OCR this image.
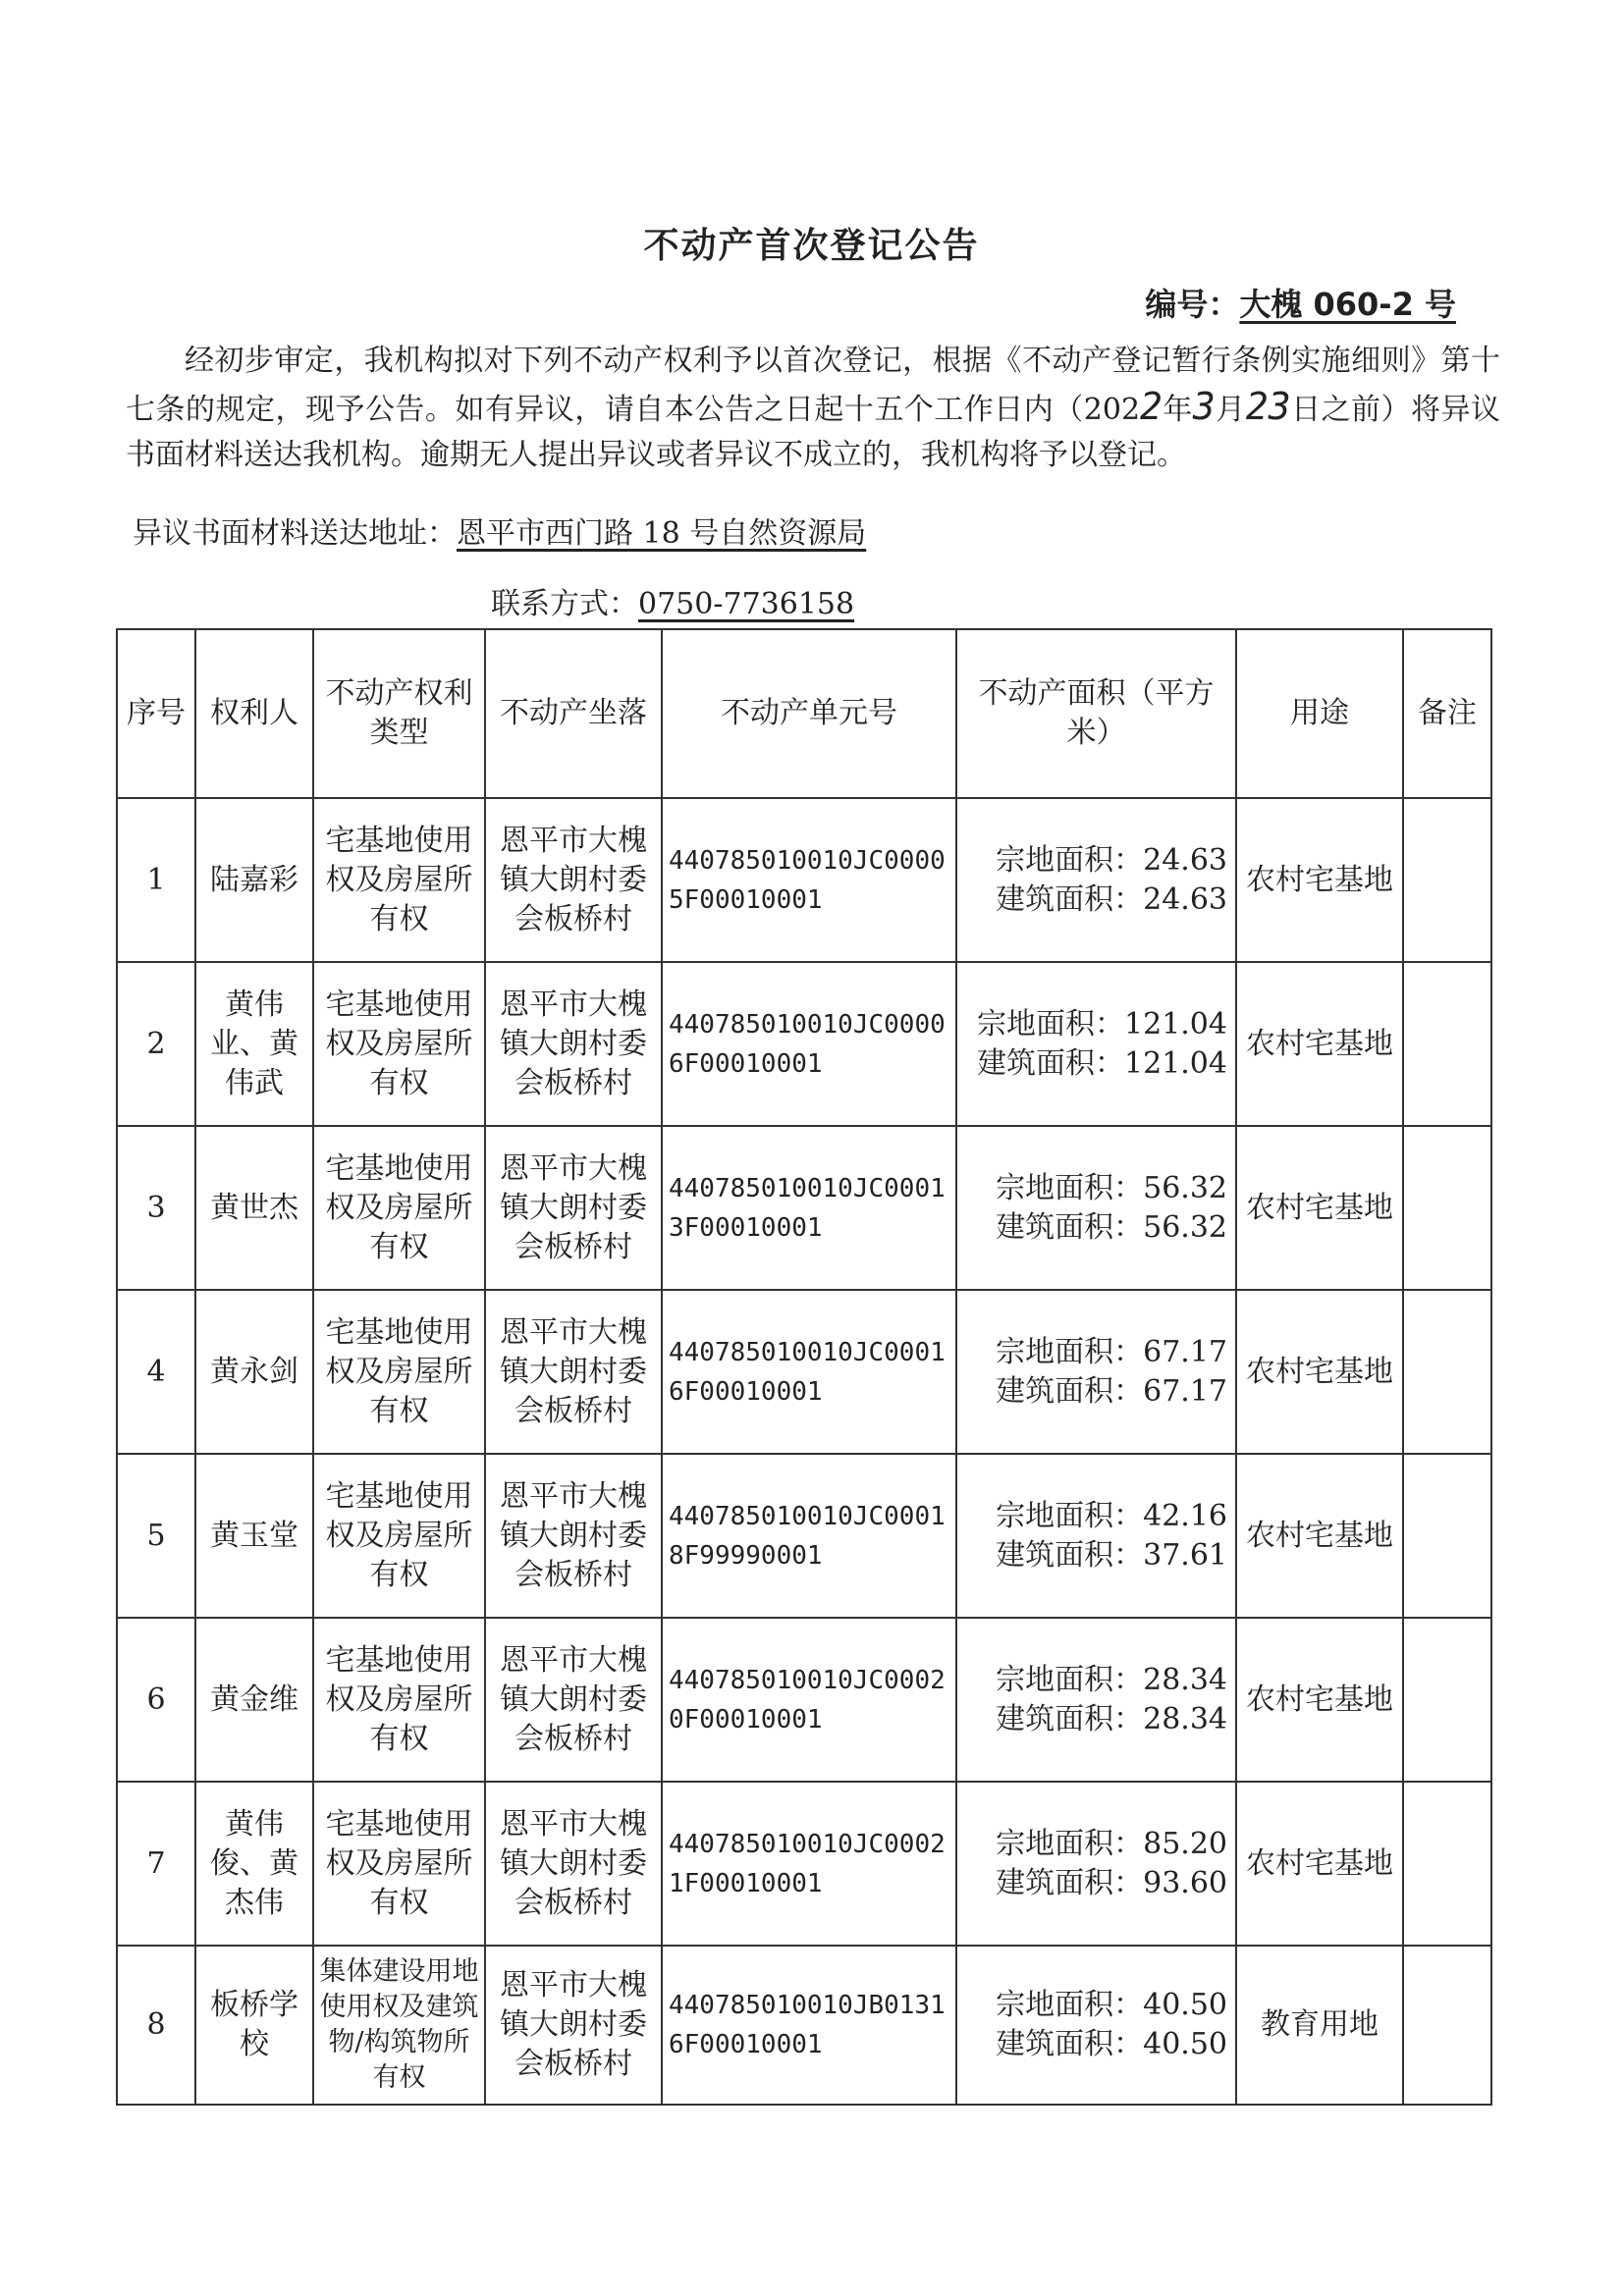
不动产首次登记公告
编号：大槐 060-2 号
经初步审定，我机构拟对下列不动产权利予以首次登记，根据《不动产登记暂行条例实施细则》第十七条的规定，现予公告。如有异议，请自本公告之日起十五个工作日内（2022年3月23日之前）将异议书面材料送达我机构。逾期无人提出异议或者异议不成立的，我机构将予以登记。
异议书面材料送达地址：恩平市西门路 18 号自然资源局
联系方式：0750-7736158
序号	权利人	不动产权利类型	不动产坐落	不动产单元号	不动产面积（平方米）	用途	备注
1	陆嘉彩	宅基地使用权及房屋所有权	恩平市大槐镇大朗村委会板桥村	440785010010JC00005F00010001	宗地面积：24.63
建筑面积：24.63	农村宅基地	
2	黄伟业、黄伟武	宅基地使用权及房屋所有权	恩平市大槐镇大朗村委会板桥村	440785010010JC00006F00010001	宗地面积：121.04
建筑面积：121.04	农村宅基地	
3	黄世杰	宅基地使用权及房屋所有权	恩平市大槐镇大朗村委会板桥村	440785010010JC00013F00010001	宗地面积：56.32
建筑面积：56.32	农村宅基地	
4	黄永剑	宅基地使用权及房屋所有权	恩平市大槐镇大朗村委会板桥村	440785010010JC00016F00010001	宗地面积：67.17
建筑面积：67.17	农村宅基地	
5	黄玉堂	宅基地使用权及房屋所有权	恩平市大槐镇大朗村委会板桥村	440785010010JC00018F99990001	宗地面积：42.16
建筑面积：37.61	农村宅基地	
6	黄金维	宅基地使用权及房屋所有权	恩平市大槐镇大朗村委会板桥村	440785010010JC00020F00010001	宗地面积：28.34
建筑面积：28.34	农村宅基地	
7	黄伟俊、黄杰伟	宅基地使用权及房屋所有权	恩平市大槐镇大朗村委会板桥村	440785010010JC00021F00010001	宗地面积：85.20
建筑面积：93.60	农村宅基地	
8	板桥学校	集体建设用地使用权及建筑物/构筑物所有权	恩平市大槐镇大朗村委会板桥村	440785010010JB01316F00010001	宗地面积：40.50
建筑面积：40.50	教育用地	
